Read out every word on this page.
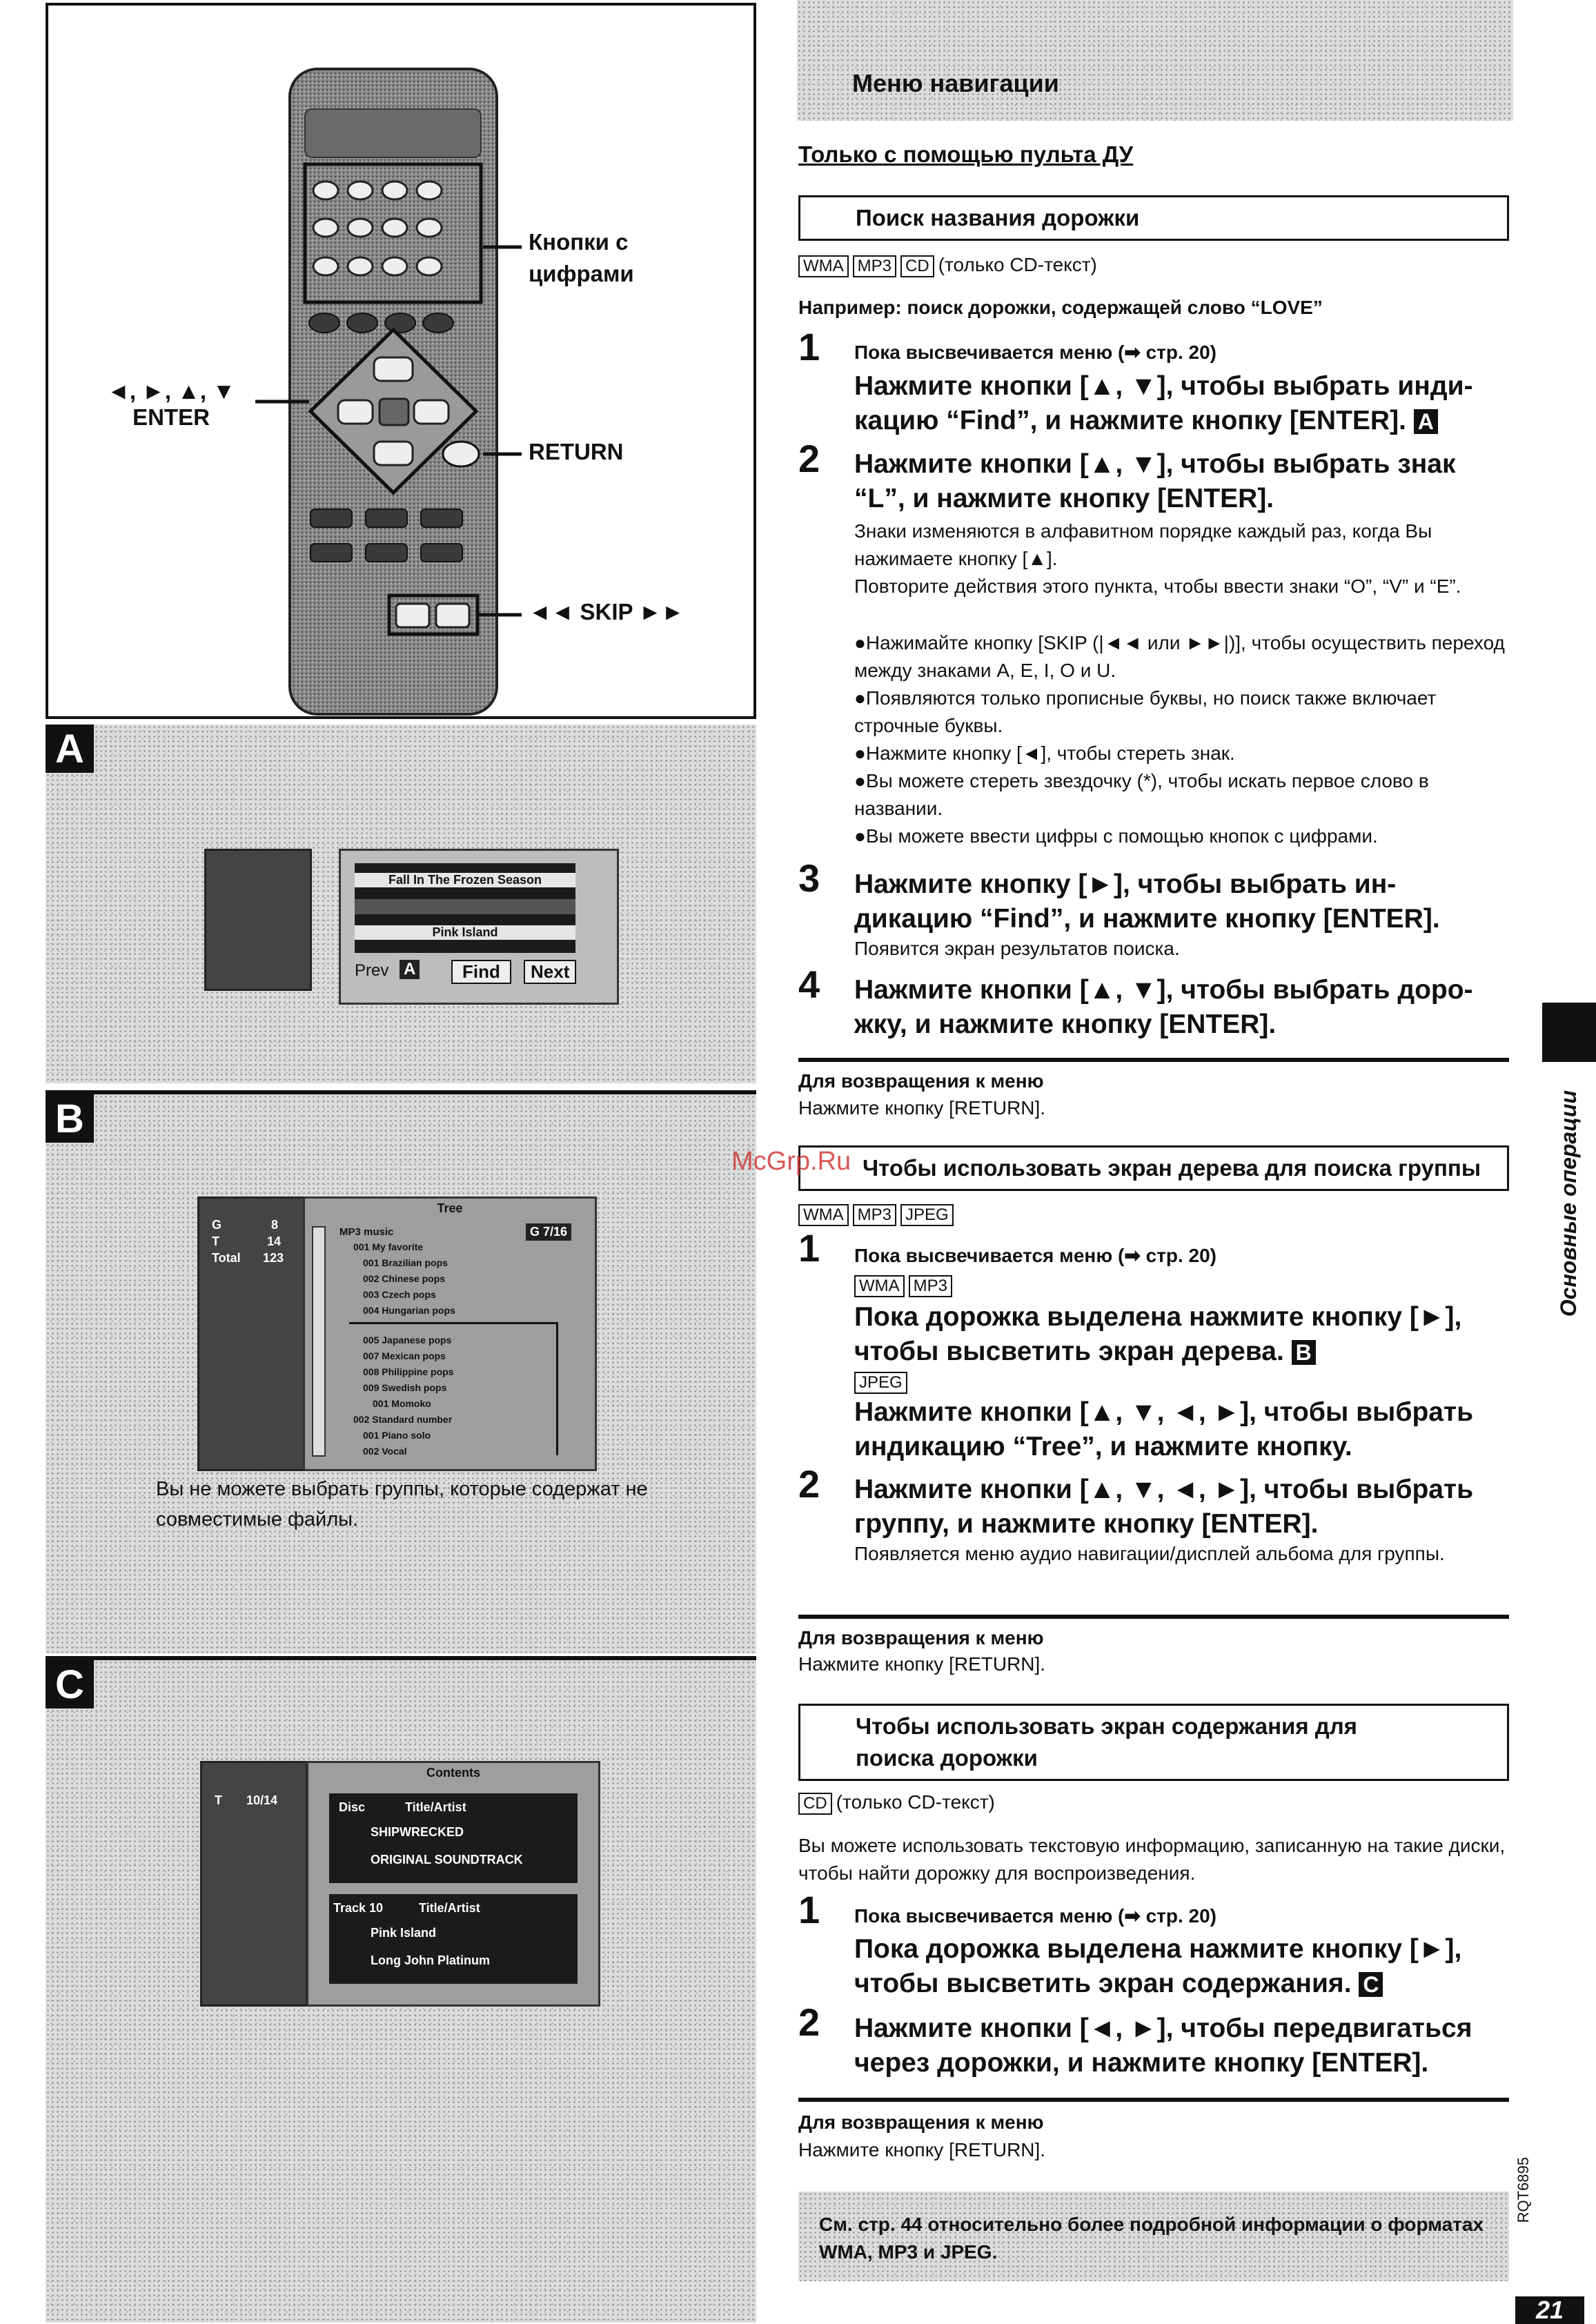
Кнопки с
цифрами
◄, ►, ▲, ▼
ENTER
RETURN
◄◄ SKIP ►►
A
Fall In The Frozen Season
Pink Island
Prev A	Find	Next
B
G	8
T	14
Total 123
Tree
G 7/16
MP3 music
001 My favorite
001 Brazilian pops
002 Chinese pops
003 Czech pops
004 Hungarian pops
005 Japanese pops
007 Mexican pops
008 Philippine pops
009 Swedish pops
001 Momoko
002 Standard number
001 Piano solo
002 Vocal
Вы не можете выбрать группы, которые содержат не совместимые файлы.
C
T 10/14
Contents
Disc	Title/Artist
SHIPWRECKED
ORIGINAL SOUNDTRACK
Track 10	Title/Artist
Pink Island
Long John Platinum
Меню навигации
Только с помощью пульта ДУ
Поиск названия дорожки
WMA MP3 CD (только CD-текст)
Например: поиск дорожки, содержащей слово “LOVE”
1 Пока высвечивается меню (➡ стр. 20)
Нажмите кнопки [▲, ▼], чтобы выбрать инди-кацию “Find”, и нажмите кнопку [ENTER]. A
2 Нажмите кнопки [▲, ▼], чтобы выбрать знак “L”, и нажмите кнопку [ENTER].
Знаки изменяются в алфавитном порядке каждый раз, когда Вы нажимаете кнопку [▲].
Повторите действия этого пункта, чтобы ввести знаки “O”, “V” и “E”.
●Нажимайте кнопку [SKIP (|◄◄ или ►►|)], чтобы осуществить переход между знаками A, E, I, O и U.
●Появляются только прописные буквы, но поиск также включает строчные буквы.
●Нажмите кнопку [◄], чтобы стереть знак.
●Вы можете стереть звездочку (*), чтобы искать первое слово в названии.
●Вы можете ввести цифры с помощью кнопок с цифрами.
3 Нажмите кнопку [►], чтобы выбрать ин-дикацию “Find”, и нажмите кнопку [ENTER].
Появится экран результатов поиска.
4 Нажмите кнопки [▲, ▼], чтобы выбрать доро-жку, и нажмите кнопку [ENTER].
Для возвращения к меню
Нажмите кнопку [RETURN].
Чтобы использовать экран дерева для поиска группы
McGrp.Ru
WMA MP3 JPEG
1 Пока высвечивается меню (➡ стр. 20)
WMA MP3
Пока дорожка выделена нажмите кнопку [►], чтобы высветить экран дерева. B
JPEG
Нажмите кнопки [▲, ▼, ◄, ►], чтобы выбрать индикацию “Tree”, и нажмите кнопку.
2 Нажмите кнопки [▲, ▼, ◄, ►], чтобы выбрать группу, и нажмите кнопку [ENTER].
Появляется меню аудио навигации/дисплей альбома для группы.
Для возвращения к меню
Нажмите кнопку [RETURN].
Чтобы использовать экран содержания для поиска дорожки
CD (только CD-текст)
Вы можете использовать текстовую информацию, записанную на такие диски, чтобы найти дорожку для воспроизведения.
1 Пока высвечивается меню (➡ стр. 20)
Пока дорожка выделена нажмите кнопку [►], чтобы высветить экран содержания. C
2 Нажмите кнопки [◄, ►], чтобы передвигаться через дорожки, и нажмите кнопку [ENTER].
Для возвращения к меню
Нажмите кнопку [RETURN].
См. стр. 44 относительно более подробной информации о форматах WMA, MP3 и JPEG.
Основные операции
RQT6895
21
